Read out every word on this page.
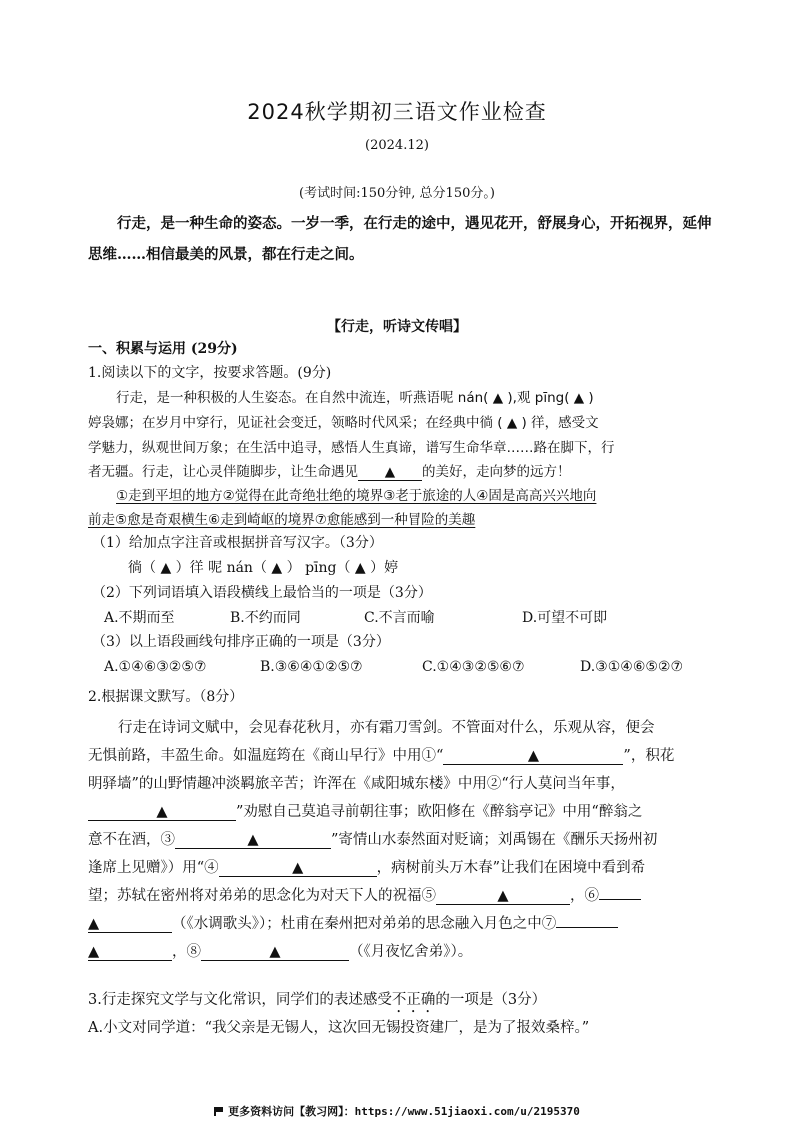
2024秋学期初三语文作业检查
(2024.12)
(考试时间:150分钟, 总分150分。)
行走，是一种生命的姿态。一岁一季，在行走的途中，遇见花开，舒展身心，开拓视界，延伸思维……相信最美的风景，都在行走之间。
【行走，听诗文传唱】
一、积累与运用 (29分)
1.阅读以下的文字，按要求答题。(9分)
行走，是一种积极的人生姿态。在自然中流连，听燕语呢 nán( ▲ ),观 pīng( ▲ )
婷袅娜；在岁月中穿行，见证社会变迁，领略时代风采；在经典中徜 ( ▲ ) 徉，感受文
学魅力，纵观世间万象；在生活中追寻，感悟人生真谛，谱写生命华章……路在脚下，行
者无疆。行走，让心灵伴随脚步，让生命遇见 ▲ 的美好，走向梦的远方！
①走到平坦的地方②觉得在此奇绝壮绝的境界③老于旅途的人④固是高高兴兴地向
前走⑤愈是奇艰横生⑥走到崎岖的境界⑦愈能感到一种冒险的美趣
（1）给加点字注音或根据拼音写汉字。（3分）
徜（ ▲ ）徉 呢 nán（ ▲ ） pīng（ ▲ ）婷
（2）下列词语填入语段横线上最恰当的一项是（3分）
A.不期而至	B.不约而同	C.不言而喻	D.可望不可即
（3）以上语段画线句排序正确的一项是（3分）
A.①④⑥③②⑤⑦	B.③⑥④①②⑤⑦	C.①④③②⑤⑥⑦	D.③①④⑥⑤②⑦
2.根据课文默写。（8分）
行走在诗词文赋中，会见春花秋月，亦有霜刀雪剑。不管面对什么，乐观从容，便会
无惧前路，丰盈生命。如温庭筠在《商山早行》中用①“	▲	”，积花
明驿墙”的山野情趣冲淡羁旅辛苦；许浑在《咸阳城东楼》中用②“行人莫问当年事，
▲	”劝慰自己莫追寻前朝往事；欧阳修在《醉翁亭记》中用“醉翁之
意不在酒，③	▲	”寄情山水泰然面对贬谪；刘禹锡在《酬乐天扬州初
逢席上见赠》）用“④	▲	，病树前头万木春”让我们在困境中看到希
望；苏轼在密州将对弟弟的思念化为对天下人的祝福⑤	▲	，⑥
▲	（《水调歌头》）；杜甫在秦州把对弟弟的思念融入月色之中⑦
▲	，⑧	▲	（《月夜忆舍弟》）。
3.行走探究文学与文化常识，同学们的表述感受不正确的一项是（3分）
A.小文对同学道：“我父亲是无锡人，这次回无锡投资建厂，是为了报效桑梓。”
更多资料访问【教习网】：https://www.51jiaoxi.com/u/2195370
